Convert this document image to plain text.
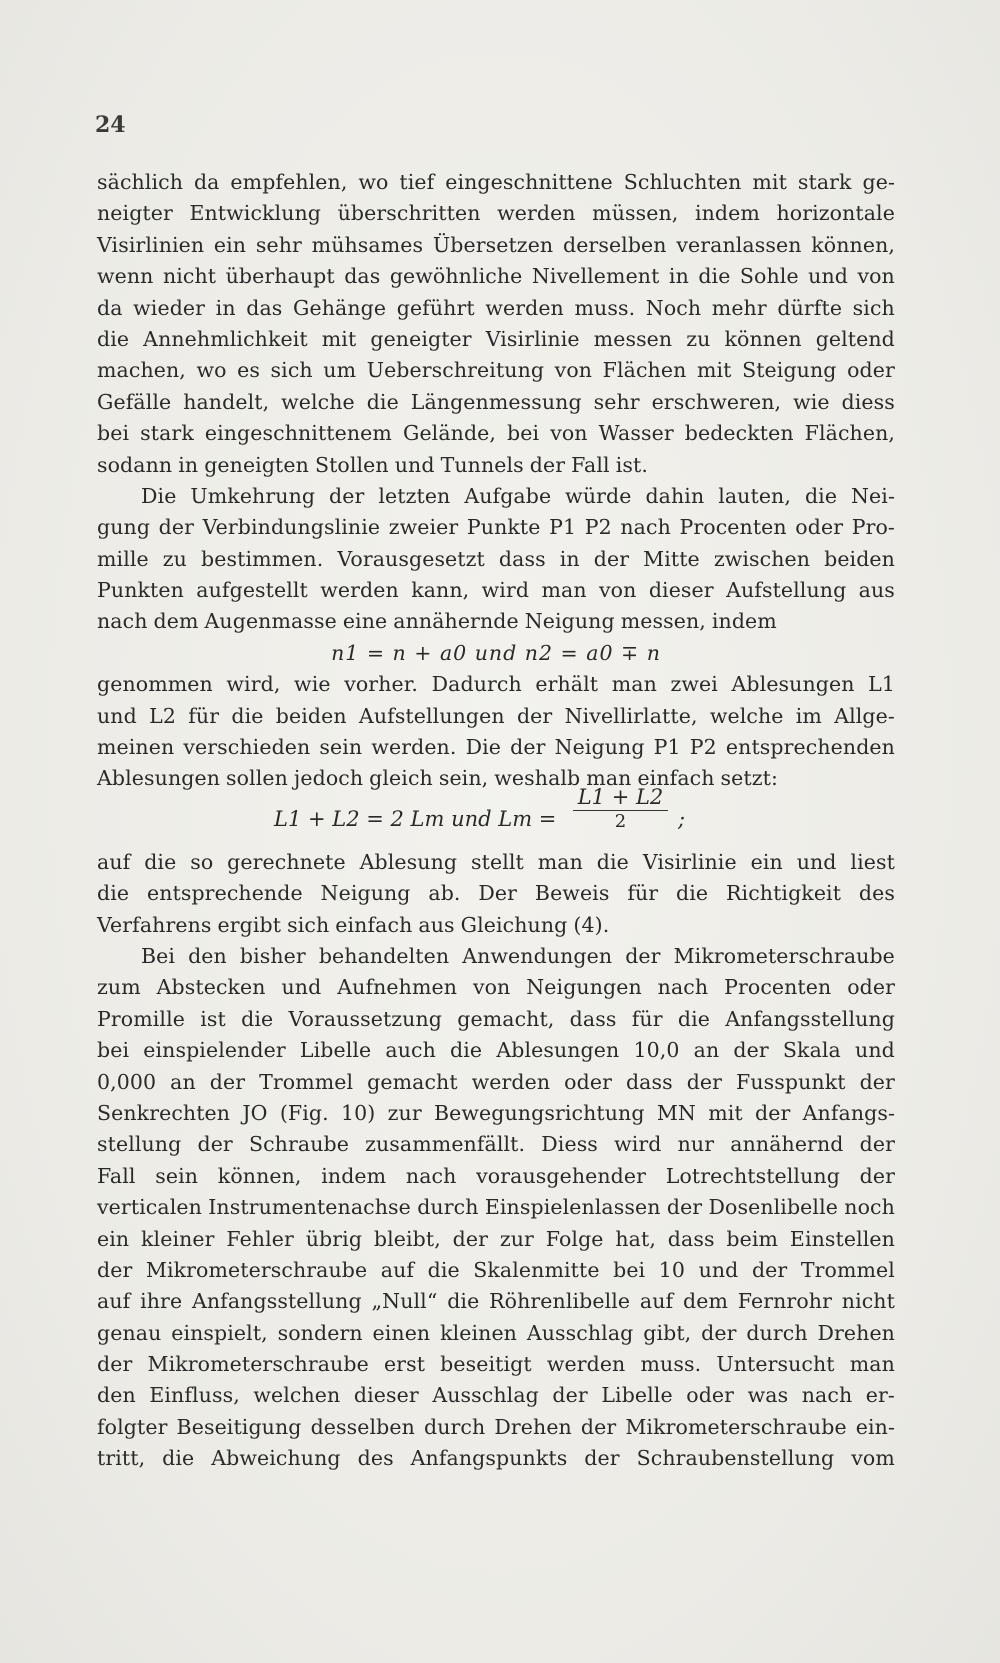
24
sächlich da empfehlen, wo tief eingeschnittene Schluchten mit stark ge-
neigter Entwicklung überschritten werden müssen, indem horizontale
Visirlinien ein sehr mühsames Übersetzen derselben veranlassen können,
wenn nicht überhaupt das gewöhnliche Nivellement in die Sohle und von
da wieder in das Gehänge geführt werden muss. Noch mehr dürfte sich
die Annehmlichkeit mit geneigter Visirlinie messen zu können geltend
machen, wo es sich um Ueberschreitung von Flächen mit Steigung oder
Gefälle handelt, welche die Längenmessung sehr erschweren, wie diess
bei stark eingeschnittenem Gelände, bei von Wasser bedeckten Flächen,
sodann in geneigten Stollen und Tunnels der Fall ist.
Die Umkehrung der letzten Aufgabe würde dahin lauten, die Nei-
gung der Verbindungslinie zweier Punkte P1 P2 nach Procenten oder Pro-
mille zu bestimmen. Vorausgesetzt dass in der Mitte zwischen beiden
Punkten aufgestellt werden kann, wird man von dieser Aufstellung aus
nach dem Augenmasse eine annähernde Neigung messen, indem
n1 = n + a0 und n2 = a0 ∓ n
genommen wird, wie vorher. Dadurch erhält man zwei Ablesungen L1
und L2 für die beiden Aufstellungen der Nivellirlatte, welche im Allge-
meinen verschieden sein werden. Die der Neigung P1 P2 entsprechenden
Ablesungen sollen jedoch gleich sein, weshalb man einfach setzt:
L1 + L2 = 2 Lm und $Lm = \frac{L1 + L2}{2}$ ;
auf die so gerechnete Ablesung stellt man die Visirlinie ein und liest
die entsprechende Neigung ab. Der Beweis für die Richtigkeit des
Verfahrens ergibt sich einfach aus Gleichung (4).
Bei den bisher behandelten Anwendungen der Mikrometerschraube
zum Abstecken und Aufnehmen von Neigungen nach Procenten oder
Promille ist die Voraussetzung gemacht, dass für die Anfangsstellung
bei einspielender Libelle auch die Ablesungen 10,0 an der Skala und
0,000 an der Trommel gemacht werden oder dass der Fusspunkt der
Senkrechten JO (Fig. 10) zur Bewegungsrichtung MN mit der Anfangs-
stellung der Schraube zusammenfällt. Diess wird nur annähernd der
Fall sein können, indem nach vorausgehender Lotrechtstellung der
verticalen Instrumentenachse durch Einspielenlassen der Dosenlibelle noch
ein kleiner Fehler übrig bleibt, der zur Folge hat, dass beim Einstellen
der Mikrometerschraube auf die Skalenmitte bei 10 und der Trommel
auf ihre Anfangsstellung „Null“ die Röhrenlibelle auf dem Fernrohr nicht
genau einspielt, sondern einen kleinen Ausschlag gibt, der durch Drehen
der Mikrometerschraube erst beseitigt werden muss. Untersucht man
den Einfluss, welchen dieser Ausschlag der Libelle oder was nach er-
folgter Beseitigung desselben durch Drehen der Mikrometerschraube ein-
tritt, die Abweichung des Anfangspunkts der Schraubenstellung vom
